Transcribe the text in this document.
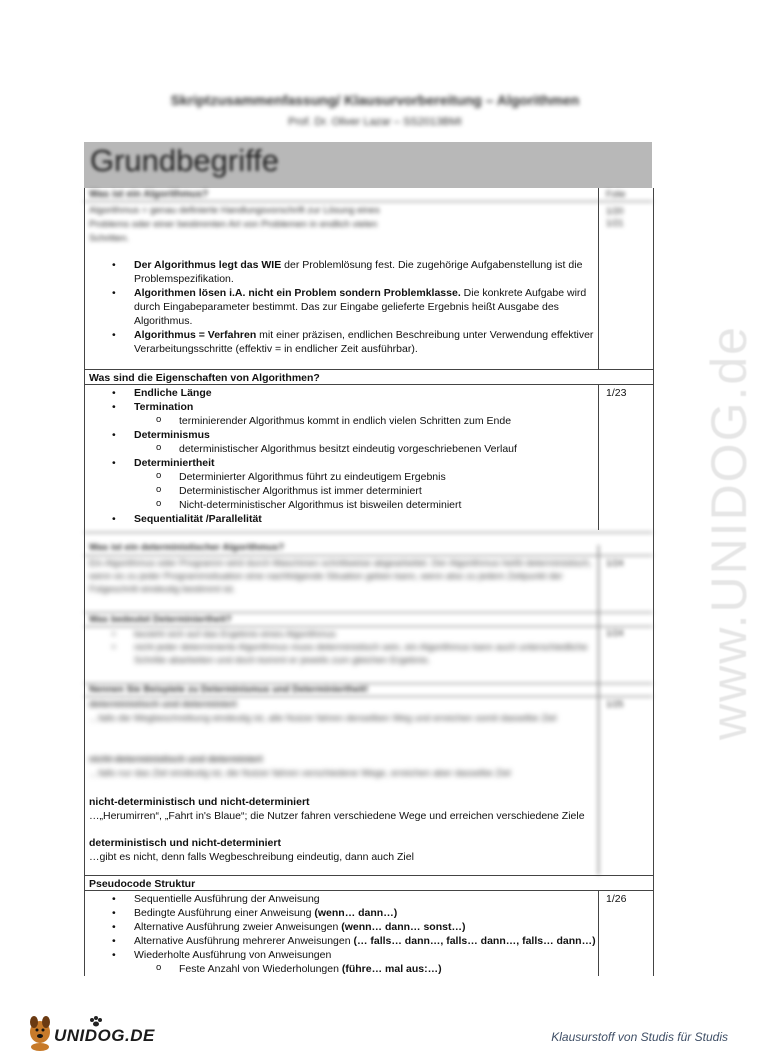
Skriptzusammenfassung/ Klausurvorbereitung – Algorithmen
Prof. Dr. Oliver Lazar – SS2013BMI
Grundbegriffe
Was ist ein Algorithmus?	Folie
Algorithmus = genau definierte Handlungsvorschrift zur Lösung eines Problems oder einer bestimmten Art von Problemen in endlich vielen Schritten.
1/20
1/21
• Der Algorithmus legt das WIE der Problemlösung fest. Die zugehörige Aufgabenstellung ist die Problemspezifikation.
• Algorithmen lösen i.A. nicht ein Problem sondern Problemklasse. Die konkrete Aufgabe wird durch Eingabeparameter bestimmt. Das zur Eingabe gelieferte Ergebnis heißt Ausgabe des Algorithmus.
• Algorithmus = Verfahren mit einer präzisen, endlichen Beschreibung unter Verwendung effektiver Verarbeitungsschritte (effektiv = in endlicher Zeit ausführbar).
Was sind die Eigenschaften von Algorithmen?
1/23
• Endliche Länge
• Termination
o terminierender Algorithmus kommt in endlich vielen Schritten zum Ende
• Determinismus
o deterministischer Algorithmus besitzt eindeutig vorgeschriebenen Verlauf
• Determiniertheit
o Determinierter Algorithmus führt zu eindeutigem Ergebnis
o Deterministischer Algorithmus ist immer determiniert
o Nicht-deterministischer Algorithmus ist bisweilen determiniert
• Sequentialität /Parallelität
Was ist ein deterministischer Algorithmus?
1/24
Ein Algorithmus oder Programm wird durch Maschinen schrittweise abgearbeitet. Der Algorithmus heißt deterministisch, wenn es zu jeder Programmsituation eine nachfolgende Situation geben kann, wenn also zu jedem Zeitpunkt der Folgeschritt eindeutig bestimmt ist.
Was bedeutet Determiniertheit?
1/24
• bezieht sich auf das Ergebnis eines Algorithmus
• nicht jeder determinierte Algorithmus muss deterministisch sein, ein Algorithmus kann auch unterschiedliche Schritte abarbeiten und doch kommt er jeweils zum gleichen Ergebnis.
Nennen Sie Beispiele zu Determinismus und Determiniertheit!
1/25
deterministisch und determiniert
…falls die Wegbeschreibung eindeutig ist, alle Nutzer fahren denselben Weg und erreichen somit dasselbe Ziel
nicht-deterministisch und determiniert
…falls nur das Ziel eindeutig ist, die Nutzer fahren verschiedene Wege, erreichen aber dasselbe Ziel
nicht-deterministisch und nicht-determiniert
…„Herumirren“, „Fahrt in's Blaue“; die Nutzer fahren verschiedene Wege und erreichen verschiedene Ziele
deterministisch und nicht-determiniert
…gibt es nicht, denn falls Wegbeschreibung eindeutig, dann auch Ziel
Pseudocode Struktur
1/26
• Sequentielle Ausführung der Anweisung
• Bedingte Ausführung einer Anweisung (wenn… dann…)
• Alternative Ausführung zweier Anweisungen (wenn… dann… sonst…)
• Alternative Ausführung mehrerer Anweisungen (… falls… dann…, falls… dann…, falls… dann…)
• Wiederholte Ausführung von Anweisungen
o Feste Anzahl von Wiederholungen (führe… mal aus:…)
www.UNIDOG.de
UNIDOG.DE	Klausurstoff von Studis für Studis
